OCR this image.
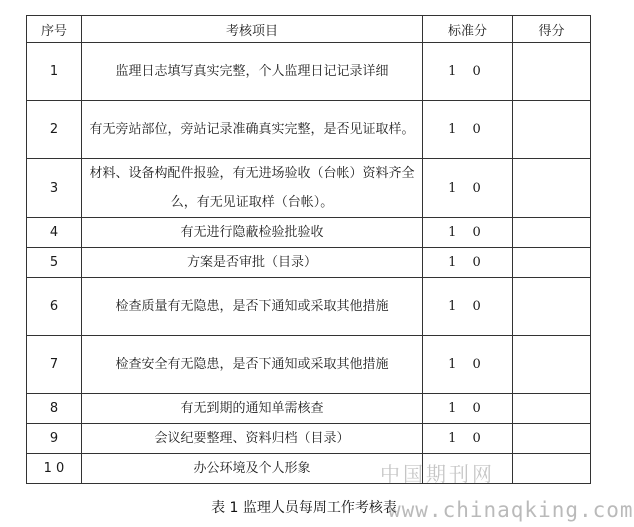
序号	考核项目	标准分	得分
1	监理日志填写真实完整，个人监理日记记录详细	1 0	
2	有无旁站部位，旁站记录准确真实完整，是否见证取样。	1 0	
3	材料、设备构配件报验，有无进场验收（台帐）资料齐全么，有无见证取样（台帐）。	1 0	
4	有无进行隐蔽检验批验收	1 0	
5	方案是否审批（目录）	1 0	
6	检查质量有无隐患，是否下通知或采取其他措施	1 0	
7	检查安全有无隐患，是否下通知或采取其他措施	1 0	
8	有无到期的通知单需核查	1 0	
9	会议纪要整理、资料归档（目录）	1 0	
1 0	办公环境及个人形象			中国期刊网
表 1 监理人员每周工作考核表
www.chinaqking.com
